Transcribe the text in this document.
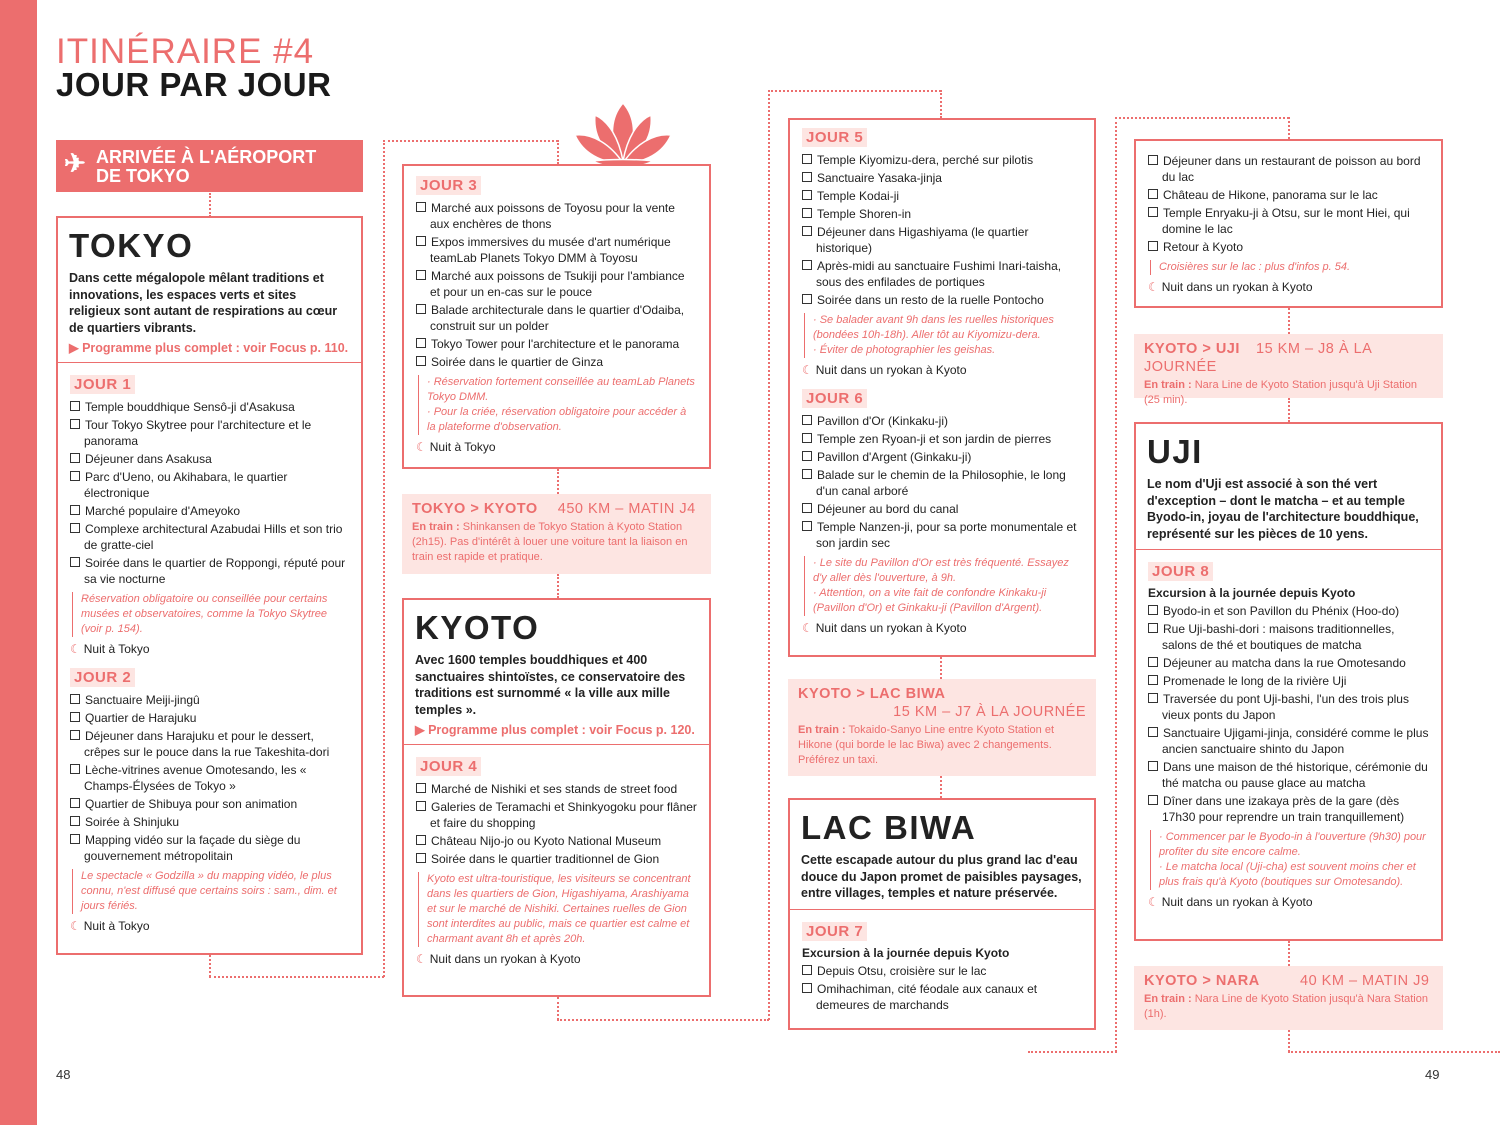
48	49
ITINÉRAIRE #4
JOUR PAR JOUR
✈ ARRIVÉE À L'AÉROPORT
DE TOKYO
TOKYO
Dans cette mégalopole mêlant traditions et innovations, les espaces verts et sites religieux sont autant de respirations au cœur de quartiers vibrants.
▶ Programme plus complet : voir Focus p. 110.
JOUR 1
Temple bouddhique Sensô-ji d'Asakusa
Tour Tokyo Skytree pour l'architecture et le panorama
Déjeuner dans Asakusa
Parc d'Ueno, ou Akihabara, le quartier électronique
Marché populaire d'Ameyoko
Complexe architectural Azabudai Hills et son trio de gratte-ciel
Soirée dans le quartier de Roppongi, réputé pour sa vie nocturne
Réservation obligatoire ou conseillée pour certains musées et observatoires, comme la Tokyo Skytree (voir p. 154).
☾ Nuit à Tokyo
JOUR 2
Sanctuaire Meiji-jingû
Quartier de Harajuku
Déjeuner dans Harajuku et pour le dessert, crêpes sur le pouce dans la rue Takeshita-dori
Lèche-vitrines avenue Omotesando, les « Champs-Élysées de Tokyo »
Quartier de Shibuya pour son animation
Soirée à Shinjuku
Mapping vidéo sur la façade du siège du gouvernement métropolitain
Le spectacle « Godzilla » du mapping vidéo, le plus connu, n'est diffusé que certains soirs : sam., dim. et jours fériés.
☾ Nuit à Tokyo
JOUR 3
Marché aux poissons de Toyosu pour la vente aux enchères de thons
Expos immersives du musée d'art numérique teamLab Planets Tokyo DMM à Toyosu
Marché aux poissons de Tsukiji pour l'ambiance et pour un en-cas sur le pouce
Balade architecturale dans le quartier d'Odaiba, construit sur un polder
Tokyo Tower pour l'architecture et le panorama
Soirée dans le quartier de Ginza
· Réservation fortement conseillée au teamLab Planets Tokyo DMM.
· Pour la criée, réservation obligatoire pour accéder à la plateforme d'observation.
☾ Nuit à Tokyo
TOKYO > KYOTO 450 KM – MATIN J4
En train : Shinkansen de Tokyo Station à Kyoto Station (2h15). Pas d'intérêt à louer une voiture tant la liaison en train est rapide et pratique.
KYOTO
Avec 1600 temples bouddhiques et 400 sanctuaires shintoïstes, ce conservatoire des traditions est surnommé « la ville aux mille temples ».
▶ Programme plus complet : voir Focus p. 120.
JOUR 4
Marché de Nishiki et ses stands de street food
Galeries de Teramachi et Shinkyogoku pour flâner et faire du shopping
Château Nijo-jo ou Kyoto National Museum
Soirée dans le quartier traditionnel de Gion
Kyoto est ultra-touristique, les visiteurs se concentrant dans les quartiers de Gion, Higashiyama, Arashiyama et sur le marché de Nishiki. Certaines ruelles de Gion sont interdites au public, mais ce quartier est calme et charmant avant 8h et après 20h.
☾ Nuit dans un ryokan à Kyoto
JOUR 5
Temple Kiyomizu-dera, perché sur pilotis
Sanctuaire Yasaka-jinja
Temple Kodai-ji
Temple Shoren-in
Déjeuner dans Higashiyama (le quartier historique)
Après-midi au sanctuaire Fushimi Inari-taisha, sous des enfilades de portiques
Soirée dans un resto de la ruelle Pontocho
· Se balader avant 9h dans les ruelles historiques (bondées 10h-18h). Aller tôt au Kiyomizu-dera.
· Éviter de photographier les geishas.
☾ Nuit dans un ryokan à Kyoto
JOUR 6
Pavillon d'Or (Kinkaku-ji)
Temple zen Ryoan-ji et son jardin de pierres
Pavillon d'Argent (Ginkaku-ji)
Balade sur le chemin de la Philosophie, le long d'un canal arboré
Déjeuner au bord du canal
Temple Nanzen-ji, pour sa porte monumentale et son jardin sec
· Le site du Pavillon d'Or est très fréquenté. Essayez d'y aller dès l'ouverture, à 9h.
· Attention, on a vite fait de confondre Kinkaku-ji (Pavillon d'Or) et Ginkaku-ji (Pavillon d'Argent).
☾ Nuit dans un ryokan à Kyoto
KYOTO > LAC BIWA

15 KM – J7 À LA JOURNÉE
En train : Tokaido-Sanyo Line entre Kyoto Station et Hikone (qui borde le lac Biwa) avec 2 changements. Préférez un taxi.
LAC BIWA
Cette escapade autour du plus grand lac d'eau douce du Japon promet de paisibles paysages, entre villages, temples et nature préservée.
JOUR 7
Excursion à la journée depuis Kyoto
Depuis Otsu, croisière sur le lac
Omihachiman, cité féodale aux canaux et demeures de marchands
Déjeuner dans un restaurant de poisson au bord du lac
Château de Hikone, panorama sur le lac
Temple Enryaku-ji à Otsu, sur le mont Hiei, qui domine le lac
Retour à Kyoto
Croisières sur le lac : plus d'infos p. 54.
☾ Nuit dans un ryokan à Kyoto
KYOTO > UJI 15 KM – J8 À LA JOURNÉE
En train : Nara Line de Kyoto Station jusqu'à Uji Station (25 min).
UJI
Le nom d'Uji est associé à son thé vert d'exception – dont le matcha – et au temple Byodo-in, joyau de l'architecture bouddhique, représenté sur les pièces de 10 yens.
JOUR 8
Excursion à la journée depuis Kyoto
Byodo-in et son Pavillon du Phénix (Hoo-do)
Rue Uji-bashi-dori : maisons traditionnelles, salons de thé et boutiques de matcha
Déjeuner au matcha dans la rue Omotesando
Promenade le long de la rivière Uji
Traversée du pont Uji-bashi, l'un des trois plus vieux ponts du Japon
Sanctuaire Ujigami-jinja, considéré comme le plus ancien sanctuaire shinto du Japon
Dans une maison de thé historique, cérémonie du thé matcha ou pause glace au matcha
Dîner dans une izakaya près de la gare (dès 17h30 pour reprendre un train tranquillement)
· Commencer par le Byodo-in à l'ouverture (9h30) pour profiter du site encore calme.
· Le matcha local (Uji-cha) est souvent moins cher et plus frais qu'à Kyoto (boutiques sur Omotesando).
☾ Nuit dans un ryokan à Kyoto
KYOTO > NARA	40 KM – MATIN J9
En train : Nara Line de Kyoto Station jusqu'à Nara Station (1h).
